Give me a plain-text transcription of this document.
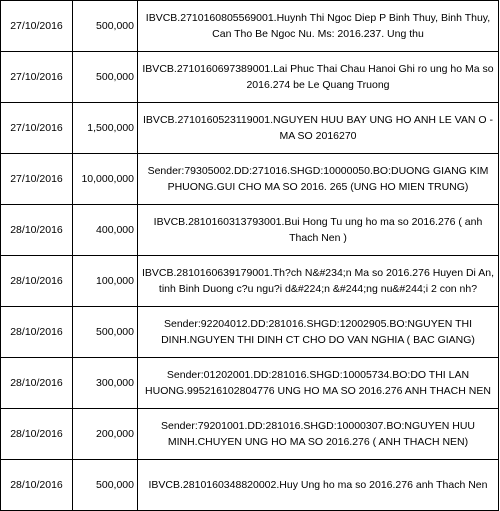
27/10/2016	500,000	IBVCB.2710160805569001.Huynh Thi Ngoc Diep P Binh Thuy, Binh Thuy, Can Tho Be Ngoc Nu. Ms: 2016.237. Ung thu
27/10/2016	500,000	IBVCB.2710160697389001.Lai Phuc Thai Chau Hanoi Ghi ro ung ho Ma so 2016.274 be Le Quang Truong
27/10/2016	1,500,000	IBVCB.2710160523119001.NGUYEN HUU BAY UNG HO ANH LE VAN O - MA SO 2016270
27/10/2016	10,000,000	Sender:79305002.DD:271016.SHGD:10000050.BO:DUONG GIANG KIM PHUONG.GUI CHO MA SO 2016. 265 (UNG HO MIEN TRUNG)
28/10/2016	400,000	IBVCB.2810160313793001.Bui Hong Tu ung ho ma so 2016.276 ( anh Thach Nen )
28/10/2016	100,000	IBVCB.2810160639179001.Th?ch N&#234;n Ma so 2016.276 Huyen Di An, tinh Binh Duong c?u ngu?i d&#224;n &#244;ng nu&#244;i 2 con nh?
28/10/2016	500,000	Sender:92204012.DD:281016.SHGD:12002905.BO:NGUYEN THI DINH.NGUYEN THI DINH CT CHO DO VAN NGHIA ( BAC GIANG)
28/10/2016	300,000	Sender:01202001.DD:281016.SHGD:10005734.BO:DO THI LAN HUONG.995216102804776 UNG HO MA SO 2016.276 ANH THACH NEN
28/10/2016	200,000	Sender:79201001.DD:281016.SHGD:10000307.BO:NGUYEN HUU MINH.CHUYEN UNG HO MA SO 2016.276 ( ANH THACH NEN)
28/10/2016	500,000	IBVCB.2810160348820002.Huy Ung ho ma so 2016.276 anh Thach Nen
